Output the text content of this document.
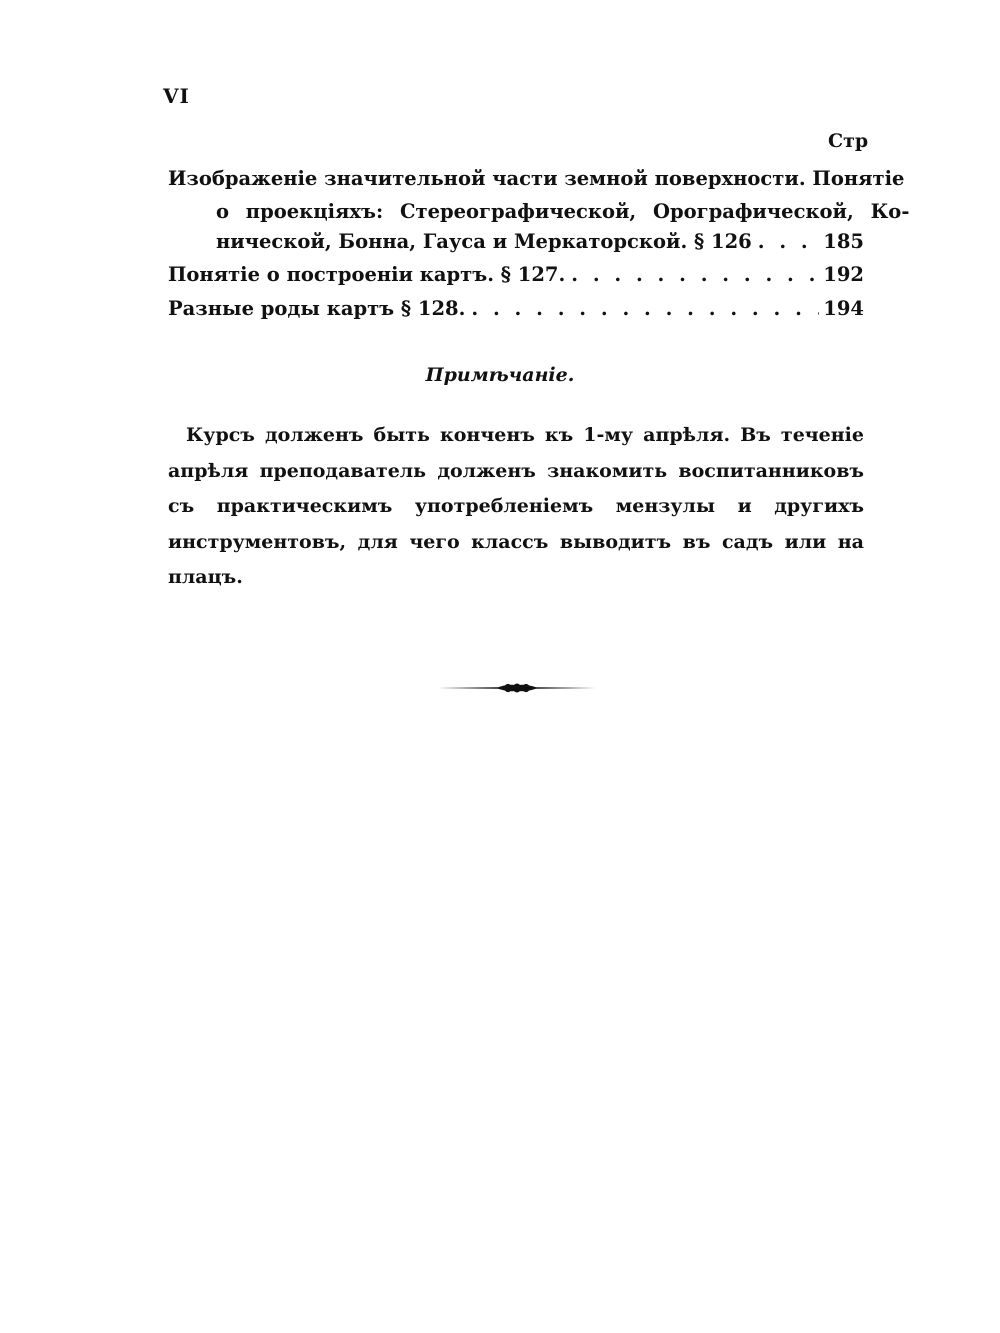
VI
Стр
Изображеніе значительной части земной поверхности. Понятіе
о проекціяхъ: Стереографической, Орографической, Ко-
нической, Бонна, Гауса и Меркаторской. § 126 . . .	185
Понятіе о построеніи картъ. § 127. . . .	192
Разные роды картъ § 128. . . .	194
Примѣчаніе.

Курсъ долженъ быть конченъ къ 1-му апрѣля. Въ теченіе апрѣля преподаватель долженъ знакомить воспитанниковъ съ практическимъ употребленіемъ мензулы и другихъ инструментовъ, для чего классъ выводитъ въ садъ или на плацъ.
